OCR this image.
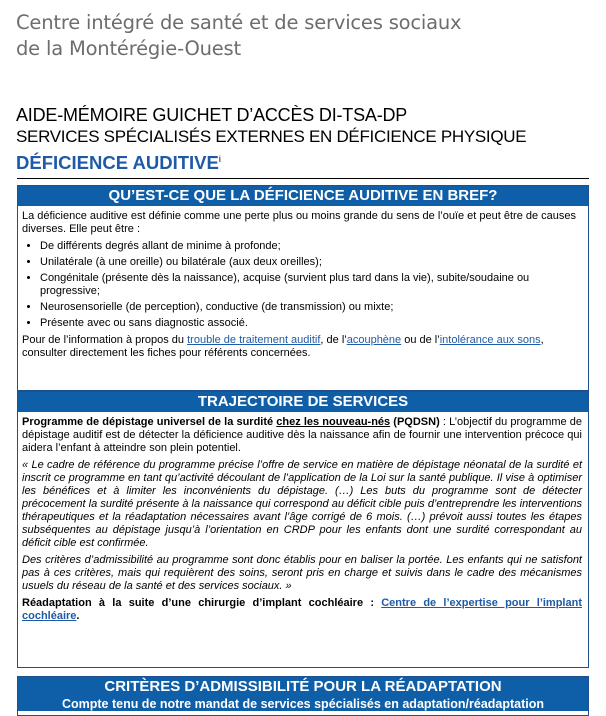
Centre intégré de santé et de services sociaux
de la Montérégie-Ouest
AIDE-MÉMOIRE GUICHET D’ACCÈS DI-TSA-DP
SERVICES SPÉCIALISÉS EXTERNES EN DÉFICIENCE PHYSIQUE
DÉFICIENCE AUDITIVE$^i$
QU’EST-CE QUE LA DÉFICIENCE AUDITIVE EN BREF?

La déficience auditive est définie comme une perte plus ou moins grande du sens de l’ouïe et peut être de causes diverses. Elle peut être :

• De différents degrés allant de minime à profonde;
• Unilatérale (à une oreille) ou bilatérale (aux deux oreilles);
• Congénitale (présente dès la naissance), acquise (survient plus tard dans la vie), subite/soudaine ou progressive;
• Neurosensorielle (de perception), conductive (de transmission) ou mixte;
• Présente avec ou sans diagnostic associé.

Pour de l’information à propos du trouble de traitement auditif, de l’acouphène ou de l’intolérance aux sons, consulter directement les fiches pour référents concernées.

TRAJECTOIRE DE SERVICES

Programme de dépistage universel de la surdité chez les nouveau-nés (PQDSN) : L’objectif du programme de dépistage auditif est de détecter la déficience auditive dès la naissance afin de fournir une intervention précoce qui aidera l’enfant à atteindre son plein potentiel.

« Le cadre de référence du programme précise l’offre de service en matière de dépistage néonatal de la surdité et inscrit ce programme en tant qu’activité découlant de l’application de la Loi sur la santé publique. Il vise à optimiser les bénéfices et à limiter les inconvénients du dépistage. (…) Les buts du programme sont de détecter précocement la surdité présente à la naissance qui correspond au déficit cible puis d’entreprendre les interventions thérapeutiques et la réadaptation nécessaires avant l’âge corrigé de 6 mois. (…) prévoit aussi toutes les étapes subséquentes au dépistage jusqu’à l’orientation en CRDP pour les enfants dont une surdité correspondant au déficit cible est confirmée.

Des critères d’admissibilité au programme sont donc établis pour en baliser la portée. Les enfants qui ne satisfont pas à ces critères, mais qui requièrent des soins, seront pris en charge et suivis dans le cadre des mécanismes usuels du réseau de la santé et des services sociaux. »

Réadaptation à la suite d’une chirurgie d’implant cochléaire : Centre de l’expertise pour l’implant cochléaire.

CRITÈRES D’ADMISSIBILITÉ POUR LA RÉADAPTATION
Compte tenu de notre mandat de services spécialisés en adaptation/réadaptation
